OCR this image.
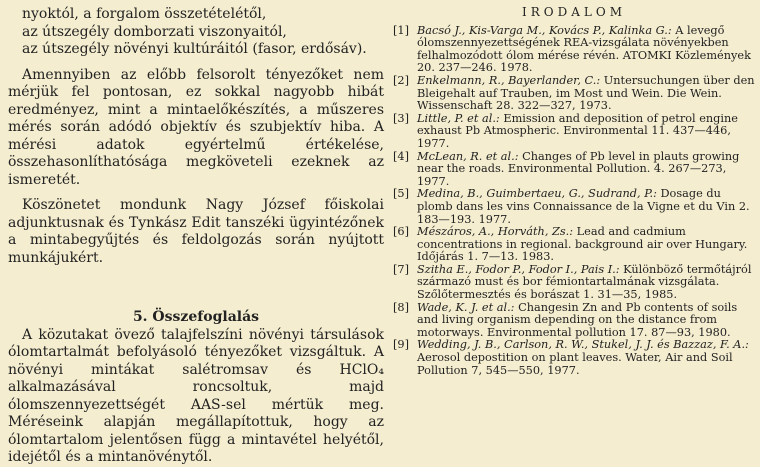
nyoktól, a forgalom összetételétől,

az útszegély domborzati viszonyaitól,

az útszegély növényi kultúráitól (fasor, erdősáv).

Amennyiben az előbb felsorolt tényezőket nem mérjük fel pontosan, ez sokkal nagyobb hibát eredményez, mint a mintaelőkészítés, a műszeres mérés során adódó objektív és szubjektív hiba. A mérési adatok egyértelmű értékelése, összehasonlíthatósága megköveteli ezeknek az ismeretét.

Köszönetet mondunk Nagy József főiskolai adjunktusnak és Tynkász Edit tanszéki ügyintézőnek a mintabegyűjtés és feldolgozás során nyújtott munkájukért.

5. Összefoglalás

A közutakat övező talajfelszíni növényi társulások ólomtartalmát befolyásoló tényezőket vizsgáltuk. A növényi mintákat salétromsav és HClO₄ alkalmazásával roncsoltuk, majd ólomszennyezettségét AAS-sel mértük meg. Méréseink alapján megállapítottuk, hogy az ólomtartalom jelentősen függ a mintavétel helyétől, idejétől és a mintanövénytől.

IRODALOM
[1] Bacsó J., Kis-Varga M., Kovács P., Kalinka G.: A levegő ólomszennyezettségének REA-vizsgálata növényekben felhalmozódott ólom mérése révén. ATOMKI Közlemények 20. 237—246. 1978.
[2] Enkelmann, R., Bayerlander, C.: Untersuchungen über den Bleigehalt auf Trauben, im Most und Wein. Die Wein. Wissenschaft 28. 322—327, 1973.
[3] Little, P. et al.: Emission and deposition of petrol engine exhaust Pb Atmospheric. Environmental 11. 437—446, 1977.
[4] McLean, R. et al.: Changes of Pb level in plauts growing near the roads. Environmental Pollution. 4. 267—273, 1977.
[5] Medina, B., Guimbertaeu, G., Sudrand, P.: Dosage du plomb dans les vins Connaissance de la Vigne et du Vin 2. 183—193. 1977.
[6] Mészáros, A., Horváth, Zs.: Lead and cadmium concentrations in regional. background air over Hungary. Időjárás 1. 7—13. 1983.
[7] Szitha E., Fodor P., Fodor I., Pais I.: Különböző termőtájról származó must és bor fémiontartalmának vizsgálata. Szőlőtermesztés és borászat 1. 31—35, 1985.
[8] Wade, K. J. et al.: Changesin Zn and Pb contents of soils and living organism depending on the distance from motorways. Environmental pollution 17. 87—93, 1980.
[9] Wedding, J. B., Carlson, R. W., Stukel, J. J. és Bazzaz, F. A.: Aerosol depostition on plant leaves. Water, Air and Soil Pollution 7, 545—550, 1977.
